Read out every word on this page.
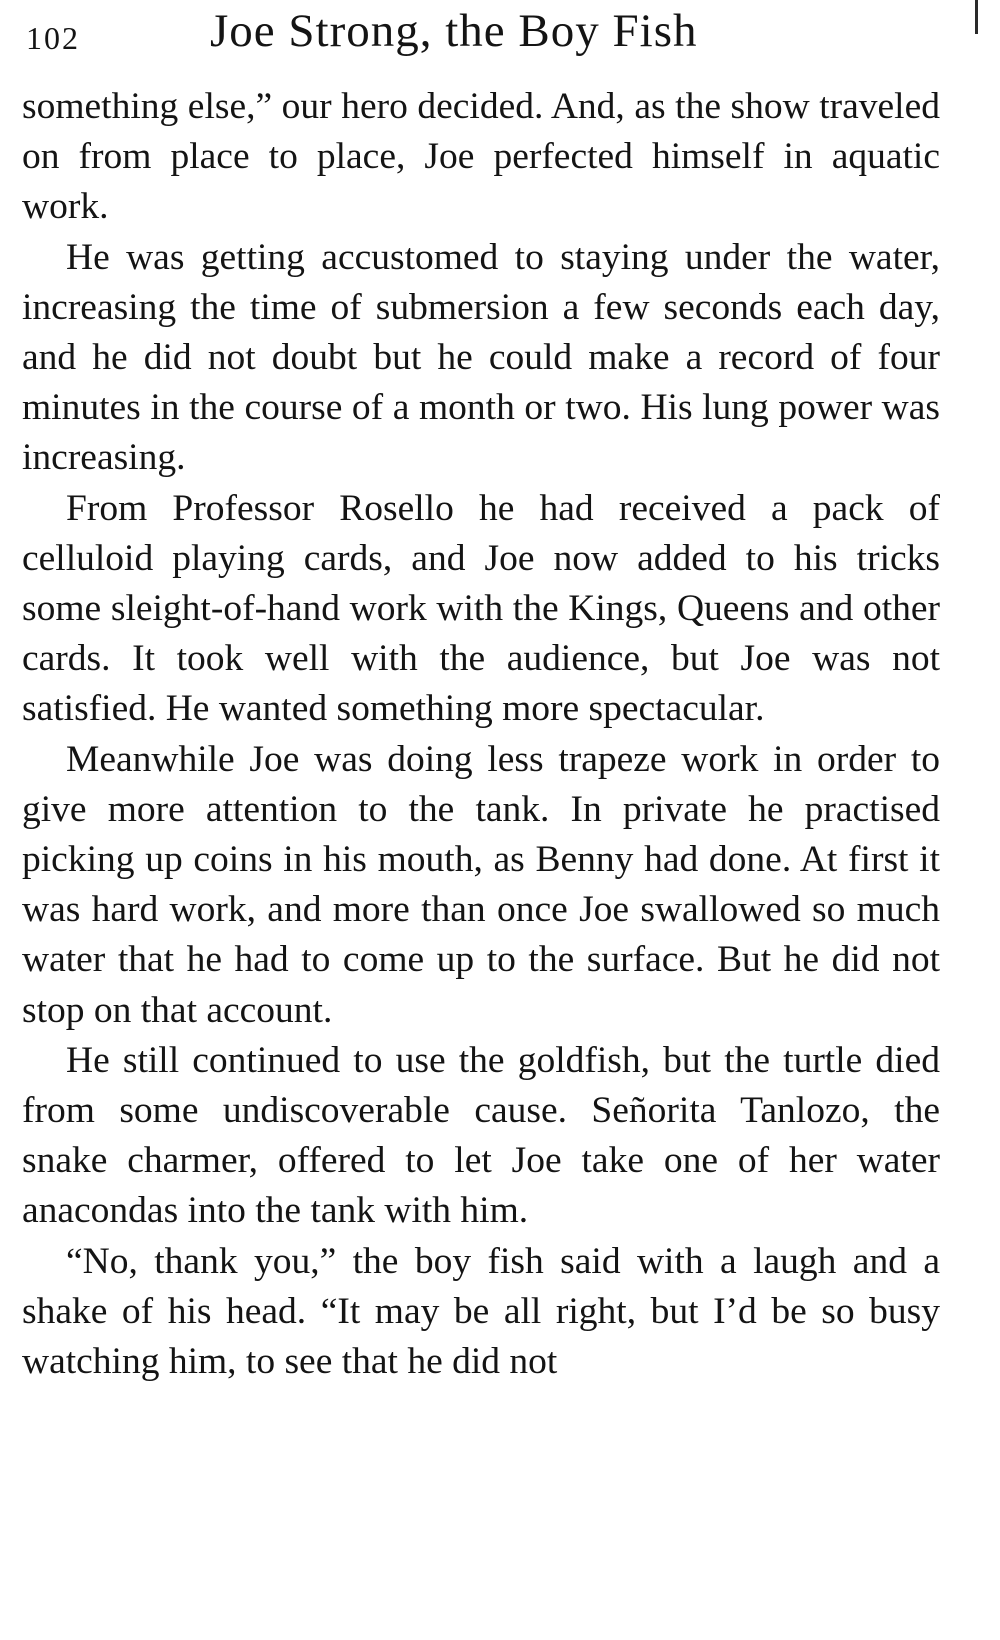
102	Joe Strong, the Boy Fish

something else,” our hero decided. And, as the show traveled on from place to place, Joe perfected himself in aquatic work.

He was getting accustomed to staying under the water, increasing the time of submersion a few seconds each day, and he did not doubt but he could make a record of four minutes in the course of a month or two. His lung power was increasing.

From Professor Rosello he had received a pack of celluloid playing cards, and Joe now added to his tricks some sleight-of-hand work with the Kings, Queens and other cards. It took well with the audience, but Joe was not satisfied. He wanted something more spectacular.

Meanwhile Joe was doing less trapeze work in order to give more attention to the tank. In private he practised picking up coins in his mouth, as Benny had done. At first it was hard work, and more than once Joe swallowed so much water that he had to come up to the surface. But he did not stop on that account.

He still continued to use the goldfish, but the turtle died from some undiscoverable cause. Señorita Tanlozo, the snake charmer, offered to let Joe take one of her water anacondas into the tank with him.

“No, thank you,” the boy fish said with a laugh and a shake of his head. “It may be all right, but I’d be so busy watching him, to see that he did not
